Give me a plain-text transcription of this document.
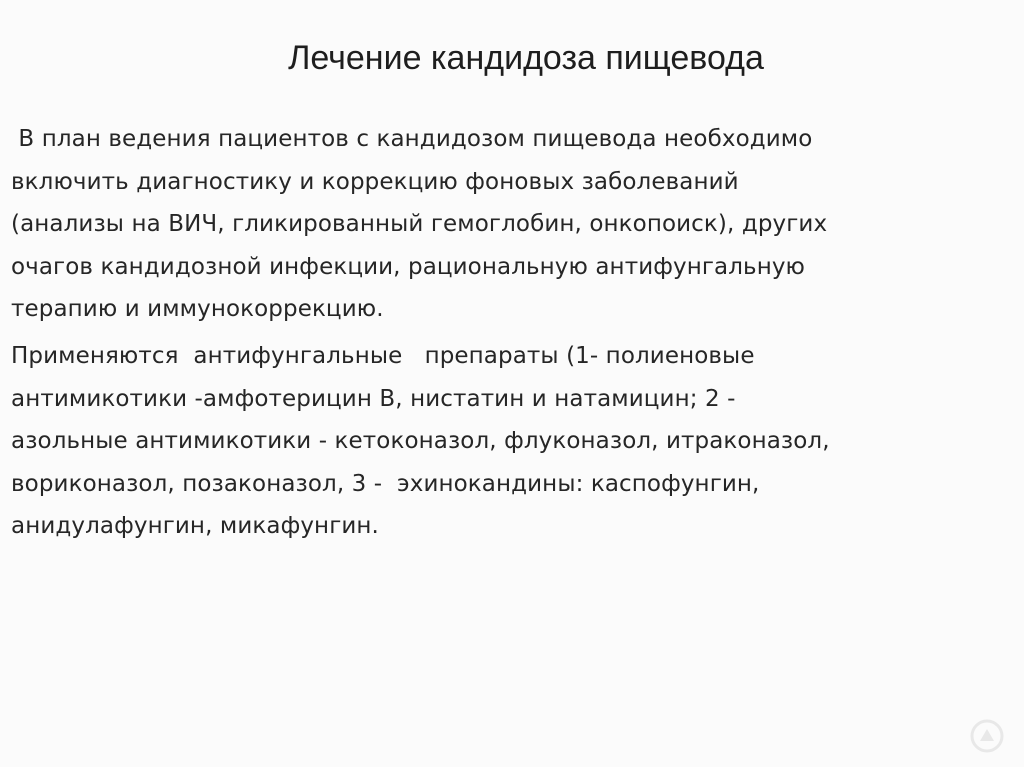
Лечение кандидоза пищевода

В план ведения пациентов с кандидозом пищевода необходимо

включить диагностику и коррекцию фоновых заболеваний

(анализы на ВИЧ, гликированный гемоглобин, онкопоиск), других

очагов кандидозной инфекции, рациональную антифунгальную

терапию и иммунокоррекцию.

Применяются  антифунгальные   препараты (1- полиеновые

антимикотики -амфотерицин В, нистатин и натамицин; 2 -

азольные антимикотики - кетоконазол, флуконазол, итраконазол,

вориконазол, позаконазол, 3 -  эхинокандины: каспофунгин,

анидулафунгин, микафунгин.
